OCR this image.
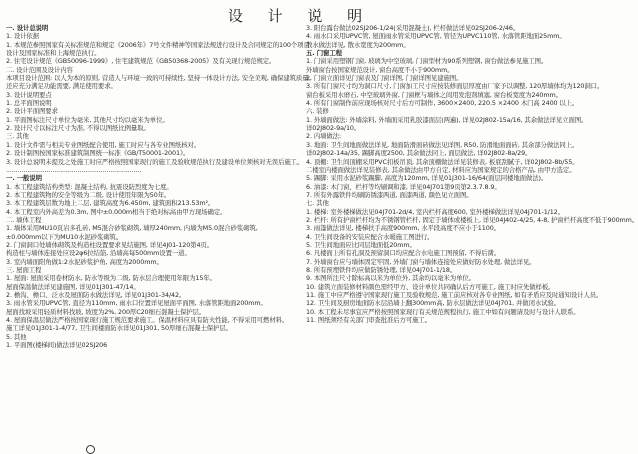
设 计 说 明
一. 设计总说明
1. 设计依据
1. 本规范参照国家有关标准规范和规定《2006年》7号文件精神等国家法规进行设计及合同规定的100个项目
设计及国家标准和上海规范执行。
2. 住宅设计规范《GB50096-1999》, 住宅建筑规范《GB50368-2005》及有关现行规范规定。
二. 设计范围及设计内容
本项目设计范围: 以人为本的原则, 营造人与环境一致的可持续性, 坚持一体设计方法, 安全美观, 确保建筑质量。
还应充分满足功能需要, 满足使用要求。
3. 设计说明要点
1. 总平面图说明
2. 设计平面图要求
1. 平面图标注尺寸单位为毫米, 其他尺寸均以毫米为单位。
2. 设计尺寸以标注尺寸为准, 不得以图纸比例量取。
三. 其他
1. 设计文件需与相关专业图纸配合使用, 施工时应与各专业图纸核对。
2. 设计制图按国家标准建筑制图统一标准《GB/T50001-2001》。
3. 设计总说明未提及之处施工时应严格按照国家现行的施工及验收规范执行及建设单位须核对无误后施工。
......................................................................
一. 一般说明
1. 本工程建筑结构类型: 混凝土结构, 抗震设防烈度为七度。
2. 本工程建筑物的安全等级为二级, 设计使用年限为50年。
3. 本工程建筑层数为地上二层, 建筑高度为6.450m, 建筑面积213.53m²。
4. 本工程室内外高差为0.3m, 图中±0.000m相当于绝对标高由甲方现场确定。
二. 墙体工程
1. 墙体采用MU10页岩多孔砖, M5混合砂浆砌筑, 墙厚240mm, 内墙为M5.0混合砂浆砌筑,
±0.000mm以下为MU10水泥砂浆砌筑。
2. 门窗洞口处墙体砌筑及构造柱设置要求见结施图, 详见4J01-120第4页。
构造柱与墙体连接处应设2φ6拉结筋, 沿墙高每500mm设置一道。
3. 室内墙面阳角做1:2水泥砂浆护角, 高度为2000mm。
三. 屋面工程
1. 屋面: 屋面采用卷材防水, 防水等级为二级, 防水层合理使用年限为15年。
屋面保温做法详见建施图, 详见01J301-47/14。
2. 檐沟、檐口、泛水及屋面防水做法详见, 详见01J301-34/42。
3. 雨水管采用UPVC管, 直径为110mm, 雨水口位置详见屋面平面图, 水落管距地面200mm。
屋面找坡采用轻质材料找坡, 坡度为2%, 200厚C20细石混凝土保护层。
4. 屋面保温层做法严格按国家现行施工规范要求施工。保温材料应具有防火性能, 不得采用可燃材料。
施工详见01J301-1-4/77, 卫生间楼面防水详见01J301, 50厚细石混凝土保护层。
5. 其他
1. 平面图(楼梯间)做法详见02SJ206
3. 阳台露台做法02SJ206-1/24(采用混凝土), 栏杆做法详见02SJ206-2/46。
4. 雨水口采用UPVC管, 屋面雨水管采用UPVC管, 管径为UPVC110管, 水落管距地面25mm。
散水做法详见, 散水宽度为200mm。
五. 门窗工程
1. 门窗采用塑钢门窗, 玻璃为中空玻璃, 门窗型材为90系列塑钢, 窗台做法参见施工图。
外墙窗台按国家规范设计, 窗台高度不小于900mm。
2. 门窗立面详见门窗表及门窗详图, 门窗详图见建施图。
3. 所有门窗尺寸均为洞口尺寸, 门窗加工尺寸应按装修面层厚度由厂家予以调整, 120厚墙体均为120洞口。
窗台板采用水磨石, 中空玻璃外窗, 门窗框与墙体之间用发泡剂填塞, 窗台板宽度为240mm。
4. 所有门窗制作前应现场核对尺寸后方可制作, 3600×2400, 220.5 ×2400 木门高 2400 以上。
六. 装修
1. 外墙面做法: 外墙涂料, 外墙面采用乳胶漆面层(两遍), 详见02J802-15a/16, 其余做法详见立面图。
详02J802-9a/10。
2. 内墙做法:
3. 地面: 卫生间地面做法详见, 地面防滑面砖做法见详图, R50, 防滑地面面砖, 其余部分做法同上。
详02J802-14a/35, 踢脚高度2500, 其余做法同上, 面层做法, 详02J802-8a/29。
4. 顶棚: 卫生间顶棚采用PVC扣板吊顶, 其余顶棚做法详见装修表, 板底刮腻子, 详02J802-8b/55。
二楼室内楼面做法详见装修表, 其余做法由甲方自定, 材料应为国家规定的合格产品, 由甲方选定。
5. 踢脚: 采用水泥砂浆踢脚, 高度为120mm, 详见01J301-16/64(面层同楼地面做法)。
6. 油漆: 木门窗、栏杆等均刷调和漆, 详见04J701第9页第2.3.7.8.9。
7. 所有外露铁件均刷防锈漆两道, 面漆两道, 颜色见立面图。
七. 其他
1. 楼梯: 室外楼梯做法见04J701-2d/4, 室内栏杆高度600, 室外楼梯做法详见04J701-1/12。
2. 栏杆: 所有护窗栏杆均为不锈钢管栏杆, 固定于墙体或楼板上, 详见04J402-4/25, 4-8, 护窗栏杆高度不低于900mm。
3. 雨篷做法详见, 楼梯扶手高度900mm, 水平段高度不应小于1100。
4. 卫生间设备的安装应配合水暖施工图进行。
5. 卫生间地面应比同层地面低20mm。
6. 凡楼面上所有孔洞及预留洞口均应配合水电施工图预留, 不得后凿。
7. 外墙窗台应与墙体固定牢固, 外墙门窗与墙体连接处应做好防水处理, 做法详见。
8. 所有预埋铁件均应做防锈处理, 详见04J701-1/18。
9. 本图所注尺寸除标高以米为单位外, 其余均以毫米为单位。
10. 建筑立面装修材料颜色需经甲方、设计单位共同确认后方可施工, 施工时应先做样板。
11. 施工中应严格遵守国家现行施工及验收规范, 施工前应核对各专业图纸, 如有矛盾应及时通知设计人员。
12. 卫生间及厨房地面防水层沿墙上翻300mm高, 防水层做法详见04J701, 并做闭水试验。
10. 本工程未尽事宜应严格按照国家现行有关规范规程执行, 施工中如有问题请及时与设计人联系。
11. 图纸须经有关部门审查批准后方可施工。
